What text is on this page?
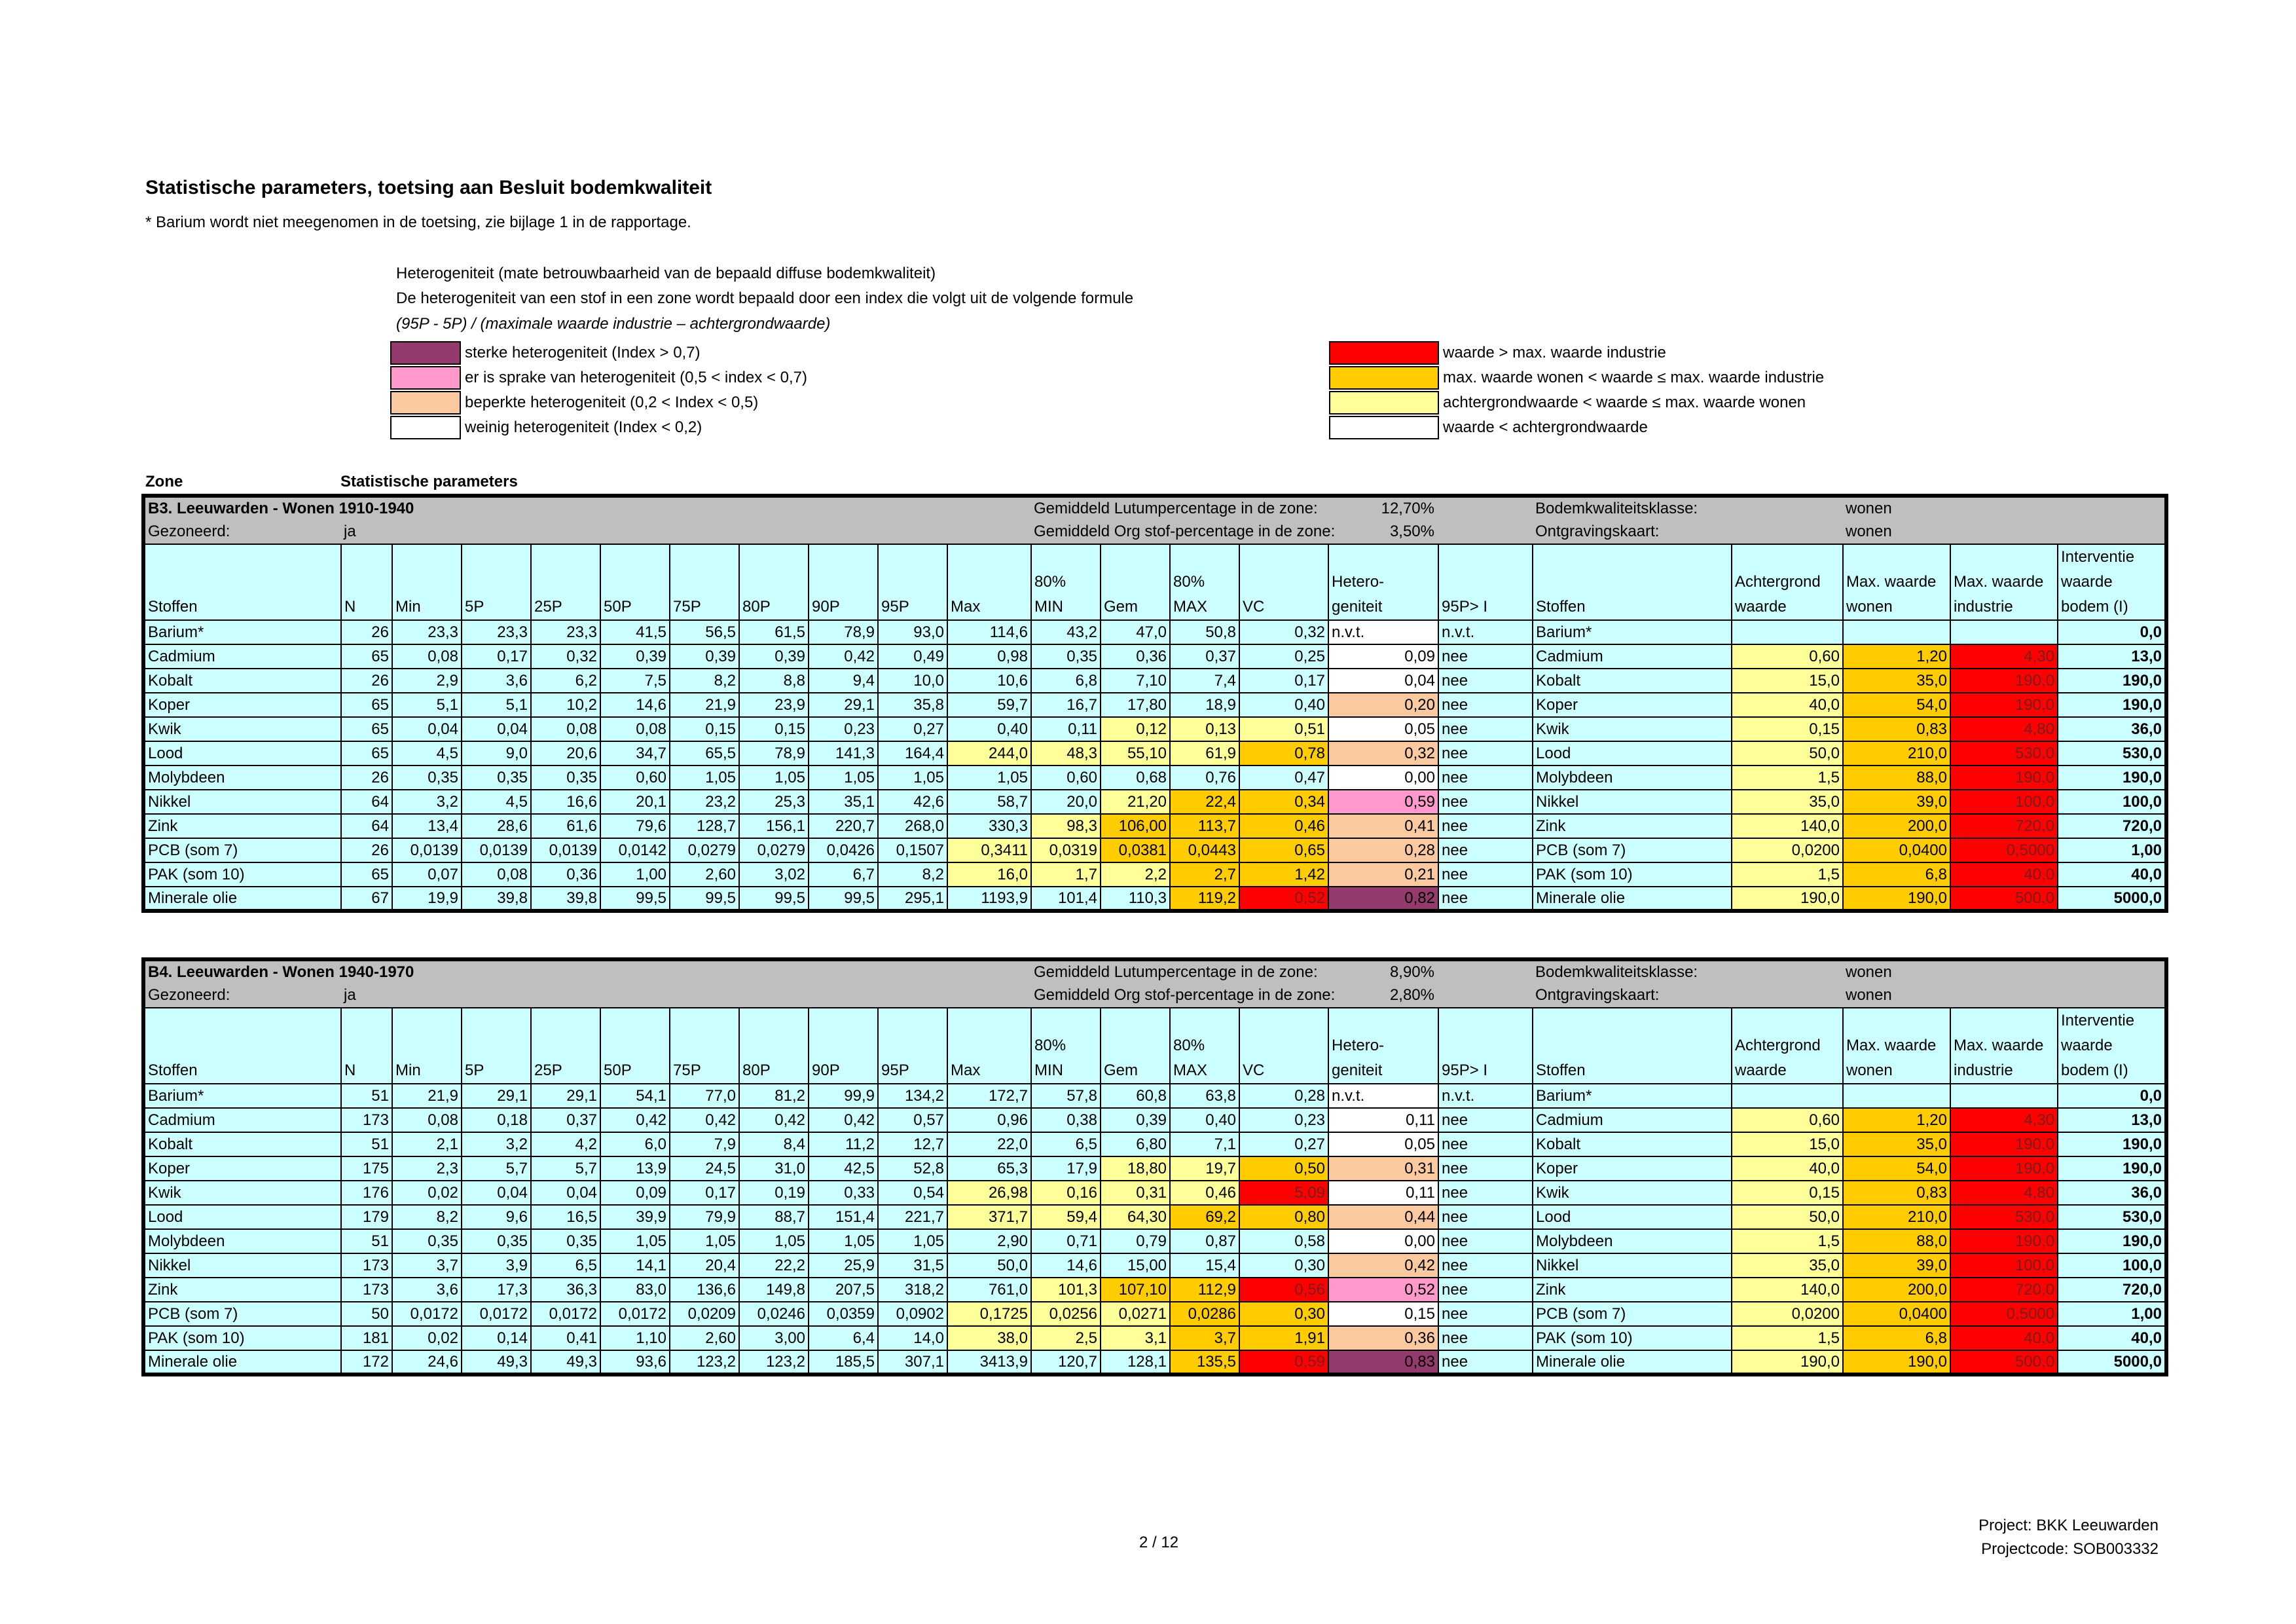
Statistische parameters, toetsing aan Besluit bodemkwaliteit
* Barium wordt niet meegenomen in de toetsing, zie bijlage 1 in de rapportage.
Heterogeniteit (mate betrouwbaarheid van de bepaald diffuse bodemkwaliteit)
De heterogeniteit van een stof in een zone wordt bepaald door een index die volgt uit de volgende formule
(95P - 5P) / (maximale waarde industrie – achtergrondwaarde)
sterke heterogeniteit (Index > 0,7)
er is sprake van heterogeniteit (0,5 < index < 0,7)
beperkte heterogeniteit (0,2 < Index < 0,5)
weinig heterogeniteit (Index < 0,2)
waarde > max. waarde industrie
max. waarde wonen < waarde ≤ max. waarde industrie
achtergrondwaarde < waarde ≤ max. waarde wonen
waarde < achtergrondwaarde
Zone	Statistische parameters
B3. Leeuwarden - Wonen 1910-1940											Gemiddeld Lutumpercentage in de zone: 12,70%						Bodemkwaliteitsklasse:		wonen		
Gezoneerd:	ja										Gemiddeld Org stof-percentage in de zone: 3,50%						Ontgravingskaart:		wonen		
Stoffen	N	Min	5P	25P	50P	75P	80P	90P	95P	Max	80% MIN	Gem	80% MAX	VC	Hetero- geniteit	95P> I	Stoffen	Achtergrond waarde	Max. waarde wonen	Max. waarde industrie	Interventie waarde bodem (I)
Barium*	26	23,3	23,3	23,3	41,5	56,5	61,5	78,9	93,0	114,6	43,2	47,0	50,8	0,32	n.v.t.	n.v.t.	Barium*				0,0
Cadmium	65	0,08	0,17	0,32	0,39	0,39	0,39	0,42	0,49	0,98	0,35	0,36	0,37	0,25	0,09	nee	Cadmium	0,60	1,20	4,30	13,0
Kobalt	26	2,9	3,6	6,2	7,5	8,2	8,8	9,4	10,0	10,6	6,8	7,10	7,4	0,17	0,04	nee	Kobalt	15,0	35,0	190,0	190,0
Koper	65	5,1	5,1	10,2	14,6	21,9	23,9	29,1	35,8	59,7	16,7	17,80	18,9	0,40	0,20	nee	Koper	40,0	54,0	190,0	190,0
Kwik	65	0,04	0,04	0,08	0,08	0,15	0,15	0,23	0,27	0,40	0,11	0,12	0,13	0,51	0,05	nee	Kwik	0,15	0,83	4,80	36,0
Lood	65	4,5	9,0	20,6	34,7	65,5	78,9	141,3	164,4	244,0	48,3	55,10	61,9	0,78	0,32	nee	Lood	50,0	210,0	530,0	530,0
Molybdeen	26	0,35	0,35	0,35	0,60	1,05	1,05	1,05	1,05	1,05	0,60	0,68	0,76	0,47	0,00	nee	Molybdeen	1,5	88,0	190,0	190,0
Nikkel	64	3,2	4,5	16,6	20,1	23,2	25,3	35,1	42,6	58,7	20,0	21,20	22,4	0,34	0,59	nee	Nikkel	35,0	39,0	100,0	100,0
Zink	64	13,4	28,6	61,6	79,6	128,7	156,1	220,7	268,0	330,3	98,3	106,00	113,7	0,46	0,41	nee	Zink	140,0	200,0	720,0	720,0
PCB (som 7)	26	0,0139	0,0139	0,0139	0,0142	0,0279	0,0279	0,0426	0,1507	0,3411	0,0319	0,0381	0,0443	0,65	0,28	nee	PCB (som 7)	0,0200	0,0400	0,5000	1,00
PAK (som 10)	65	0,07	0,08	0,36	1,00	2,60	3,02	6,7	8,2	16,0	1,7	2,2	2,7	1,42	0,21	nee	PAK (som 10)	1,5	6,8	40,0	40,0
Minerale olie	67	19,9	39,8	39,8	99,5	99,5	99,5	99,5	295,1	1193,9	101,4	110,3	119,2	0,52	0,82	nee	Minerale olie	190,0	190,0	500,0	5000,0
B4. Leeuwarden - Wonen 1940-1970											Gemiddeld Lutumpercentage in de zone: 8,90%						Bodemkwaliteitsklasse:		wonen		
Gezoneerd:	ja										Gemiddeld Org stof-percentage in de zone: 2,80%						Ontgravingskaart:		wonen		
Stoffen	N	Min	5P	25P	50P	75P	80P	90P	95P	Max	80% MIN	Gem	80% MAX	VC	Hetero- geniteit	95P> I	Stoffen	Achtergrond waarde	Max. waarde wonen	Max. waarde industrie	Interventie waarde bodem (I)
Barium*	51	21,9	29,1	29,1	54,1	77,0	81,2	99,9	134,2	172,7	57,8	60,8	63,8	0,28	n.v.t.	n.v.t.	Barium*				0,0
Cadmium	173	0,08	0,18	0,37	0,42	0,42	0,42	0,42	0,57	0,96	0,38	0,39	0,40	0,23	0,11	nee	Cadmium	0,60	1,20	4,30	13,0
Kobalt	51	2,1	3,2	4,2	6,0	7,9	8,4	11,2	12,7	22,0	6,5	6,80	7,1	0,27	0,05	nee	Kobalt	15,0	35,0	190,0	190,0
Koper	175	2,3	5,7	5,7	13,9	24,5	31,0	42,5	52,8	65,3	17,9	18,80	19,7	0,50	0,31	nee	Koper	40,0	54,0	190,0	190,0
Kwik	176	0,02	0,04	0,04	0,09	0,17	0,19	0,33	0,54	26,98	0,16	0,31	0,46	5,09	0,11	nee	Kwik	0,15	0,83	4,80	36,0
Lood	179	8,2	9,6	16,5	39,9	79,9	88,7	151,4	221,7	371,7	59,4	64,30	69,2	0,80	0,44	nee	Lood	50,0	210,0	530,0	530,0
Molybdeen	51	0,35	0,35	0,35	1,05	1,05	1,05	1,05	1,05	2,90	0,71	0,79	0,87	0,58	0,00	nee	Molybdeen	1,5	88,0	190,0	190,0
Nikkel	173	3,7	3,9	6,5	14,1	20,4	22,2	25,9	31,5	50,0	14,6	15,00	15,4	0,30	0,42	nee	Nikkel	35,0	39,0	100,0	100,0
Zink	173	3,6	17,3	36,3	83,0	136,6	149,8	207,5	318,2	761,0	101,3	107,10	112,9	0,56	0,52	nee	Zink	140,0	200,0	720,0	720,0
PCB (som 7)	50	0,0172	0,0172	0,0172	0,0172	0,0209	0,0246	0,0359	0,0902	0,1725	0,0256	0,0271	0,0286	0,30	0,15	nee	PCB (som 7)	0,0200	0,0400	0,5000	1,00
PAK (som 10)	181	0,02	0,14	0,41	1,10	2,60	3,00	6,4	14,0	38,0	2,5	3,1	3,7	1,91	0,36	nee	PAK (som 10)	1,5	6,8	40,0	40,0
Minerale olie	172	24,6	49,3	49,3	93,6	123,2	123,2	185,5	307,1	3413,9	120,7	128,1	135,5	0,59	0,83	nee	Minerale olie	190,0	190,0	500,0	5000,0
2 / 12
Project: BKK Leeuwarden
Projectcode: SOB003332
